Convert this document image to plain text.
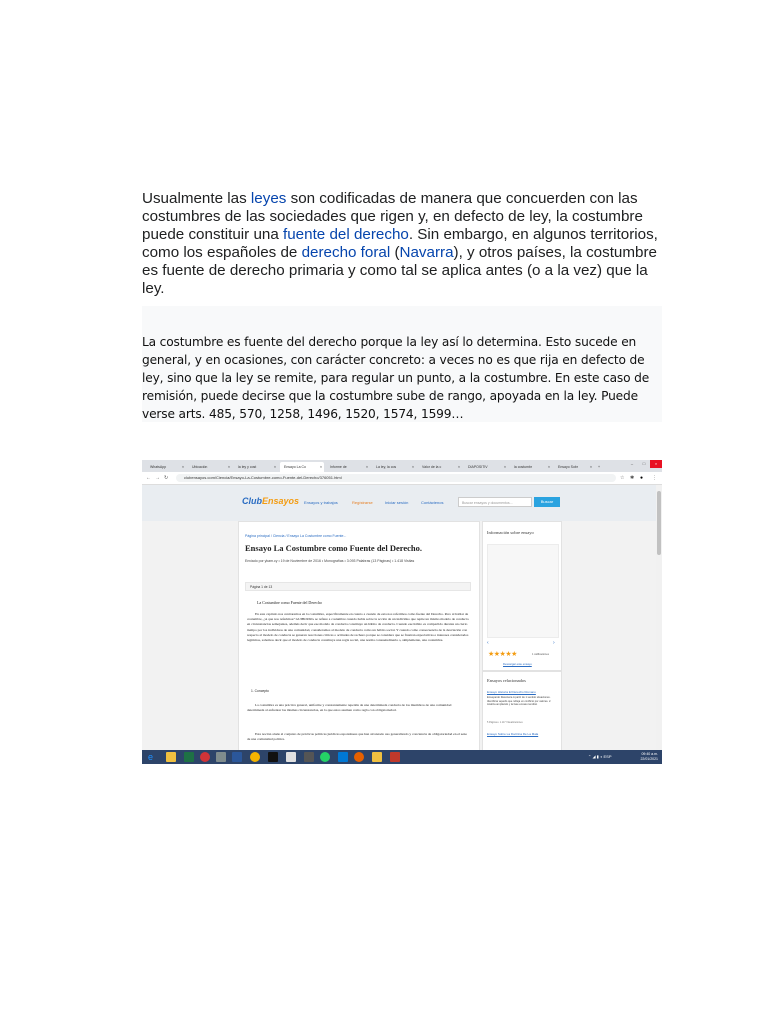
Usualmente las leyes son codificadas de manera que concuerden con las costumbres de las sociedades que rigen y, en defecto de ley, la costumbre puede constituir una fuente del derecho. Sin embargo, en algunos territorios, como los españoles de derecho foral (Navarra), y otros países, la costumbre es fuente de derecho primaria y como tal se aplica antes (o a la vez) que la ley.

La costumbre es fuente del derecho porque la ley así lo determina. Esto sucede en general, y en ocasiones, con carácter concreto: a veces no es que rija en defecto de ley, sino que la ley se remite, para regular un punto, a la costumbre. En este caso de remisión, puede decirse que la costumbre sube de rango, apoyada en la ley. Puede verse arts. 485, 570, 1258, 1496, 1520, 1574, 1599…

WhatsApp	×	Ubicación	×	la ley y cost	×	Ensayo La Co	×	Informe de	×	La ley, la cos	×	Valor de la c	×	DIAPOSITIV	×	la costumbr	×	Ensayo Sobr	×	+
–	□	×
← → ↻	clubensayos.com/Ciencia/Ensayo-La-Costumbre-como-Fuente-del-Derecho/376051.html	☆ ✱ ● ⋮
ClubEnsayos Ensayos y trabajos	Regístrarse	Iniciar sesión	Contáctenos	Buscar ensayos y documentos...	Buscar
Página principal / Ciencia / Ensayo La Costumbre como Fuente...
Ensayo La Costumbre como Fuente del Derecho.
Enviado por ykam.cy • 19 de Noviembre de 2016 • Monografías • 3.093 Palabras (13 Páginas) • 1.418 Visitas
Página 1 de 13
La Costumbre como Fuente del Derecho

En este capítulo nos centraremos en la costumbre, específicamente en cuanto a cuando de esta nos referimos como fuente del Derecho. Pero al hablar de costumbre, ¿A que nos referimos? GUIBOURG se refiere a costumbre cuando habla sobre la acción de un individuo que repite un mismo modelo de conducta en circunstancias semejantes, además decir que ese modelo de conducta constituye un hábito de conducta. Cuando ese hábito es compartido durante un cierto tiempo por los individuos de una comunidad, consideramos al modelo de conducta como un hábito social. Y cuando como consecuencia de la desviación con respecto al modelo de conducta se generan reacciones críticas o actitudes de rechazo porque se considera que se frustran expectativas e intereses considerados legítimos, sabemos decir que el modelo de conducta constituye una regla social, una norma consuetudinaria o, simplemente, una costumbre.

1. Concepto

La costumbre es una práctica general, uniforme y constantemente repetida de una determinada conducta de los miembros de una comunidad determinada al enfrentar las mismas circunstancias, en la que estos asumen como regla con obligatoriedad.

Esta noción alude al conjunto de prácticas políticas jurídicas espontáneas que han alcanzado uso generalizado y conciencia de obligatoriedad en el seno de una comunidad política.

Información sobre ensayo
‹	›
★★★★★	1 calificaciones
Descargar este ensayo
Ensayos relacionados
Ensayo Historia El Derecho Romano
Ensayando Resolvera A partir de 1 sentido situaciones. Identificar aquello que refleja un conflicto por valores. 2. Analiza ampliando y la fase encaso tendrán
5 Páginas • 1.117 Visualizaciones
Ensayo Sobre La Doctrina De La Mala
e	⌃ ◢ ▮ ◖ ESP	09:40 a.m.
22/01/2021
